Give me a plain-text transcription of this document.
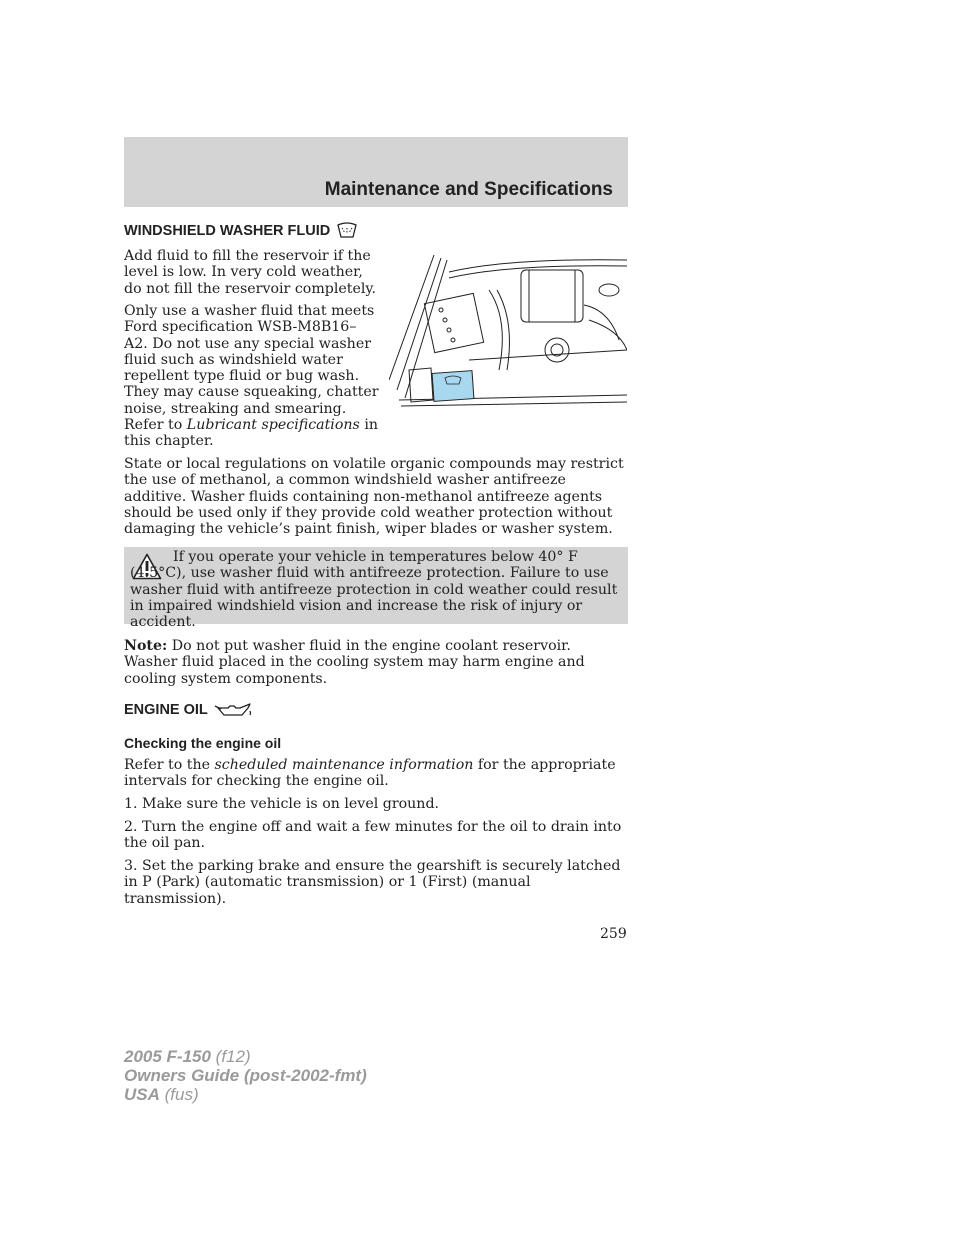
Maintenance and Specifications
WINDSHIELD WASHER FLUID
Add fluid to fill the reservoir if the level is low. In very cold weather, do not fill the reservoir completely.
Only use a washer fluid that meets Ford specification WSB-M8B16–A2. Do not use any special washer fluid such as windshield water repellent type fluid or bug wash. They may cause squeaking, chatter noise, streaking and smearing. Refer to Lubricant specifications in this chapter.
State or local regulations on volatile organic compounds may restrict the use of methanol, a common windshield washer antifreeze additive. Washer fluids containing non-methanol antifreeze agents should be used only if they provide cold weather protection without damaging the vehicle’s paint finish, wiper blades or washer system.
If you operate your vehicle in temperatures below 40° F (4.5°C), use washer fluid with antifreeze protection. Failure to use washer fluid with antifreeze protection in cold weather could result in impaired windshield vision and increase the risk of injury or accident.
Note: Do not put washer fluid in the engine coolant reservoir. Washer fluid placed in the cooling system may harm engine and cooling system components.
ENGINE OIL
Checking the engine oil
Refer to the scheduled maintenance information for the appropriate intervals for checking the engine oil.
1. Make sure the vehicle is on level ground.
2. Turn the engine off and wait a few minutes for the oil to drain into the oil pan.
3. Set the parking brake and ensure the gearshift is securely latched in P (Park) (automatic transmission) or 1 (First) (manual transmission).
259
2005 F-150 (f12)
Owners Guide (post-2002-fmt)
USA (fus)
